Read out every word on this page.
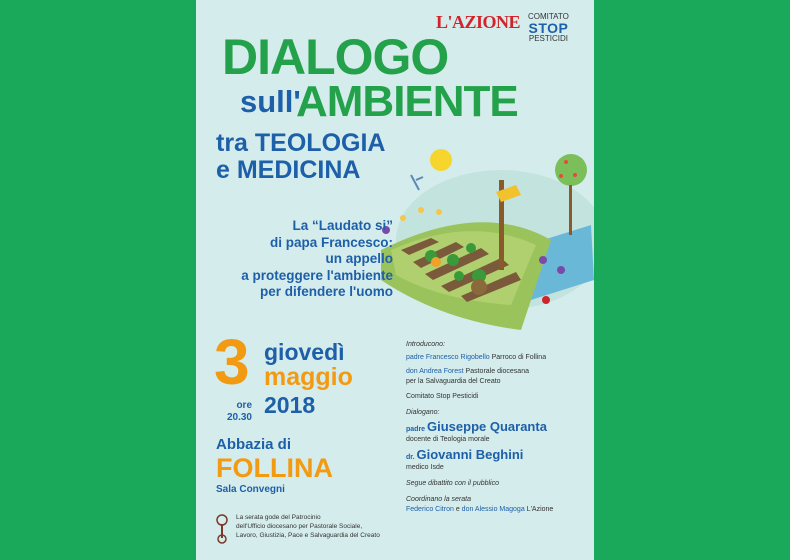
L'AZIONE COMITATO
STOP
PESTICIDI
DIALOGO
sull'
AMBIENTE
tra TEOLOGIA
e MEDICINA
La “Laudato si”
di papa Francesco:
un appello
a proteggere l'ambiente
per difendere l'uomo
3 giovedì
maggio
2018
ore
20.30
Abbazia di
FOLLINA
Sala Convegni
La serata gode del Patrocinio
dell'Ufficio diocesano per Pastorale Sociale,
Lavoro, Giustizia, Pace e Salvaguardia del Creato
Introducono:
padre Francesco Rigobello Parroco di Follina
don Andrea Forest Pastorale diocesana
per la Salvaguardia del Creato
Comitato Stop Pesticidi
Dialogano:
padre Giuseppe Quaranta
docente di Teologia morale
dr. Giovanni Beghini
medico Isde
Segue dibattito con il pubblico
Coordinano la serata
Federico Citron e don Alessio Magoga L'Azione
